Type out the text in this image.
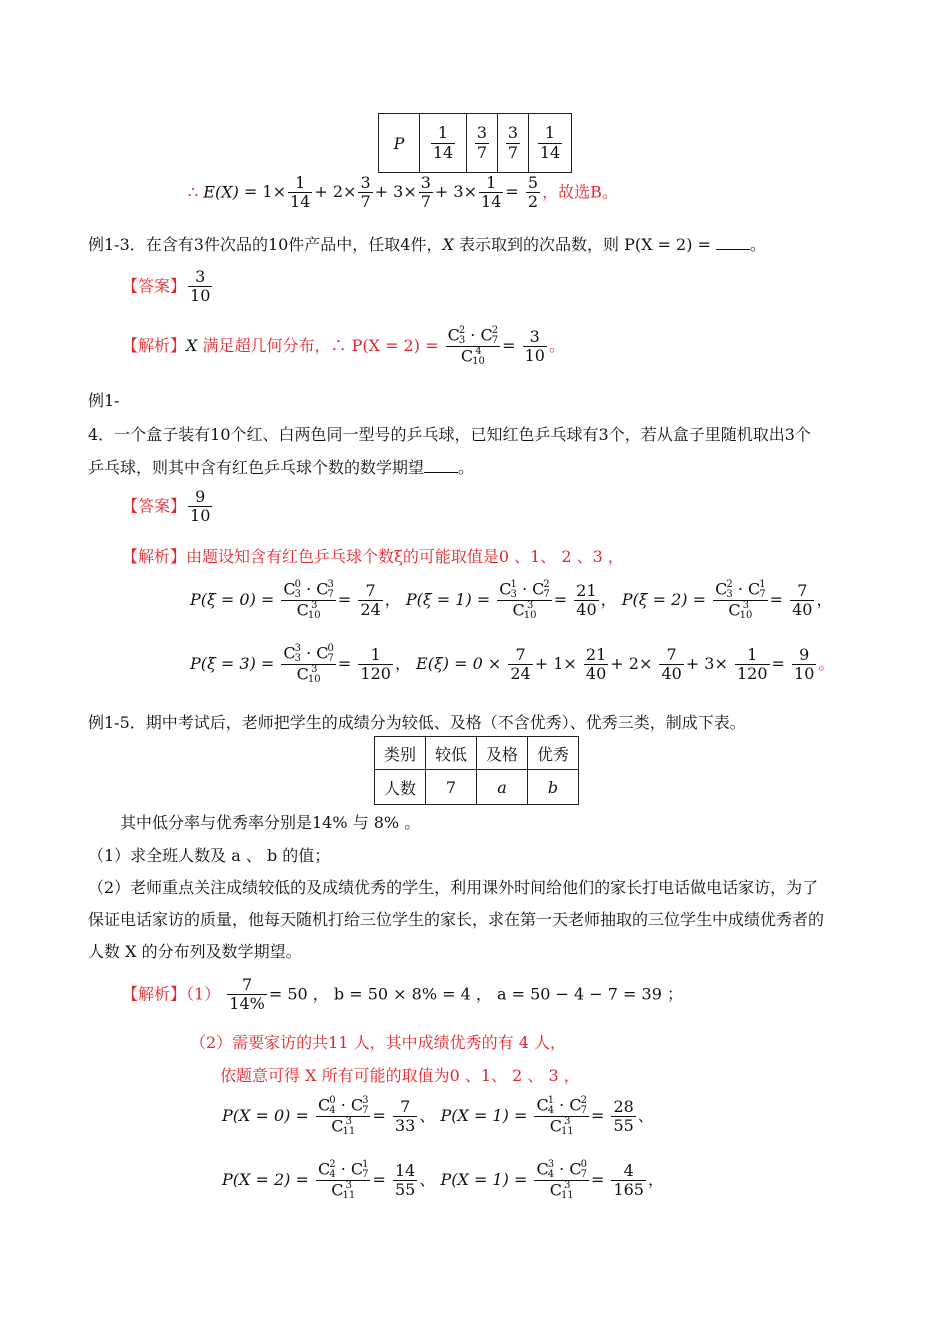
P	$\frac{1}{14}$	$\frac{3}{7}$	$\frac{3}{7}$	$\frac{1}{14}$
∴ $E(X) = 1\times \frac{1}{14} + 2\times \frac{3}{7} + 3\times \frac{3}{7} + 3\times \frac{1}{14} = \frac{5}{2}$ ，故选B。
例1-3．在含有3件次品的10件产品中，任取4件，X 表示取到的次品数，则 P(X = 2) = 。
【答案】 $\frac{3}{10}$
【解析】X 满足超几何分布，∴ P(X = 2) = C 2
3 · C 2
7
C 4
$10 = \frac{3}{10}$ 。
例1-
4．一个盒子装有10个红、白两色同一型号的乒乓球，已知红色乒乓球有3个，若从盒子里随机取出3个
乒乓球，则其中含有红色乒乓球个数的数学期望 。
【答案】 $\frac{9}{10}$
【解析】由题设知含有红色乒乓球个数ξ的可能取值是0 、1、 2 、3 ，
P(ξ = 0) = C 0
3 · C 3
7
C 3
$10 = \frac{7}{24}$ ， P(ξ = 1) = C 1
3 · C 2
7
C 3
$10 = \frac{21}{40}$ ， P(ξ = 2) = C 2
3 · C 1
7
C 3
$10 = \frac{7}{40}$ ，
P(ξ = 3) = C 3
3 · C 0
7
C 3
$10 = \frac{1}{120}$ ， $E(\xi) = 0 \times \frac{7}{24} + 1\times \frac{21}{40} + 2\times \frac{7}{40} + 3\times \frac{1}{120} = \frac{9}{10}$ 。
例1-5．期中考试后，老师把学生的成绩分为较低、及格（不含优秀）、优秀三类，制成下表。
类别	较低	及格	优秀
人数	7	a	b
其中低分率与优秀率分别是14% 与 8% 。
（1）求全班人数及 a 、 b 的值；
（2）老师重点关注成绩较低的及成绩优秀的学生，利用课外时间给他们的家长打电话做电话家访，为了
保证电话家访的质量，他每天随机打给三位学生的家长，求在第一天老师抽取的三位学生中成绩优秀者的
人数 X 的分布列及数学期望。
【解析】$(1) \frac{7}{14\%} = 50$ ， b = 50 × 8% = 4 ， a = 50 − 4 − 7 = 39 ；
（2）需要家访的共11 人，其中成绩优秀的有 4 人，
依题意可得 X 所有可能的取值为0 、1、 2 、 3 ，
P(X = 0) = C 0
4 · C 3
7
C 3
$11 = \frac{7}{33}$ 、 P(X = 1) = C 1
4 · C 2
7
C 3
$11 = \frac{28}{55}$ 、
P(X = 2) = C 2
4 · C 1
7
C 3
$11 = \frac{14}{55}$ 、 P(X = 1) = C 3
4 · C 0
7
C 3
$11 = \frac{4}{165}$ ，
